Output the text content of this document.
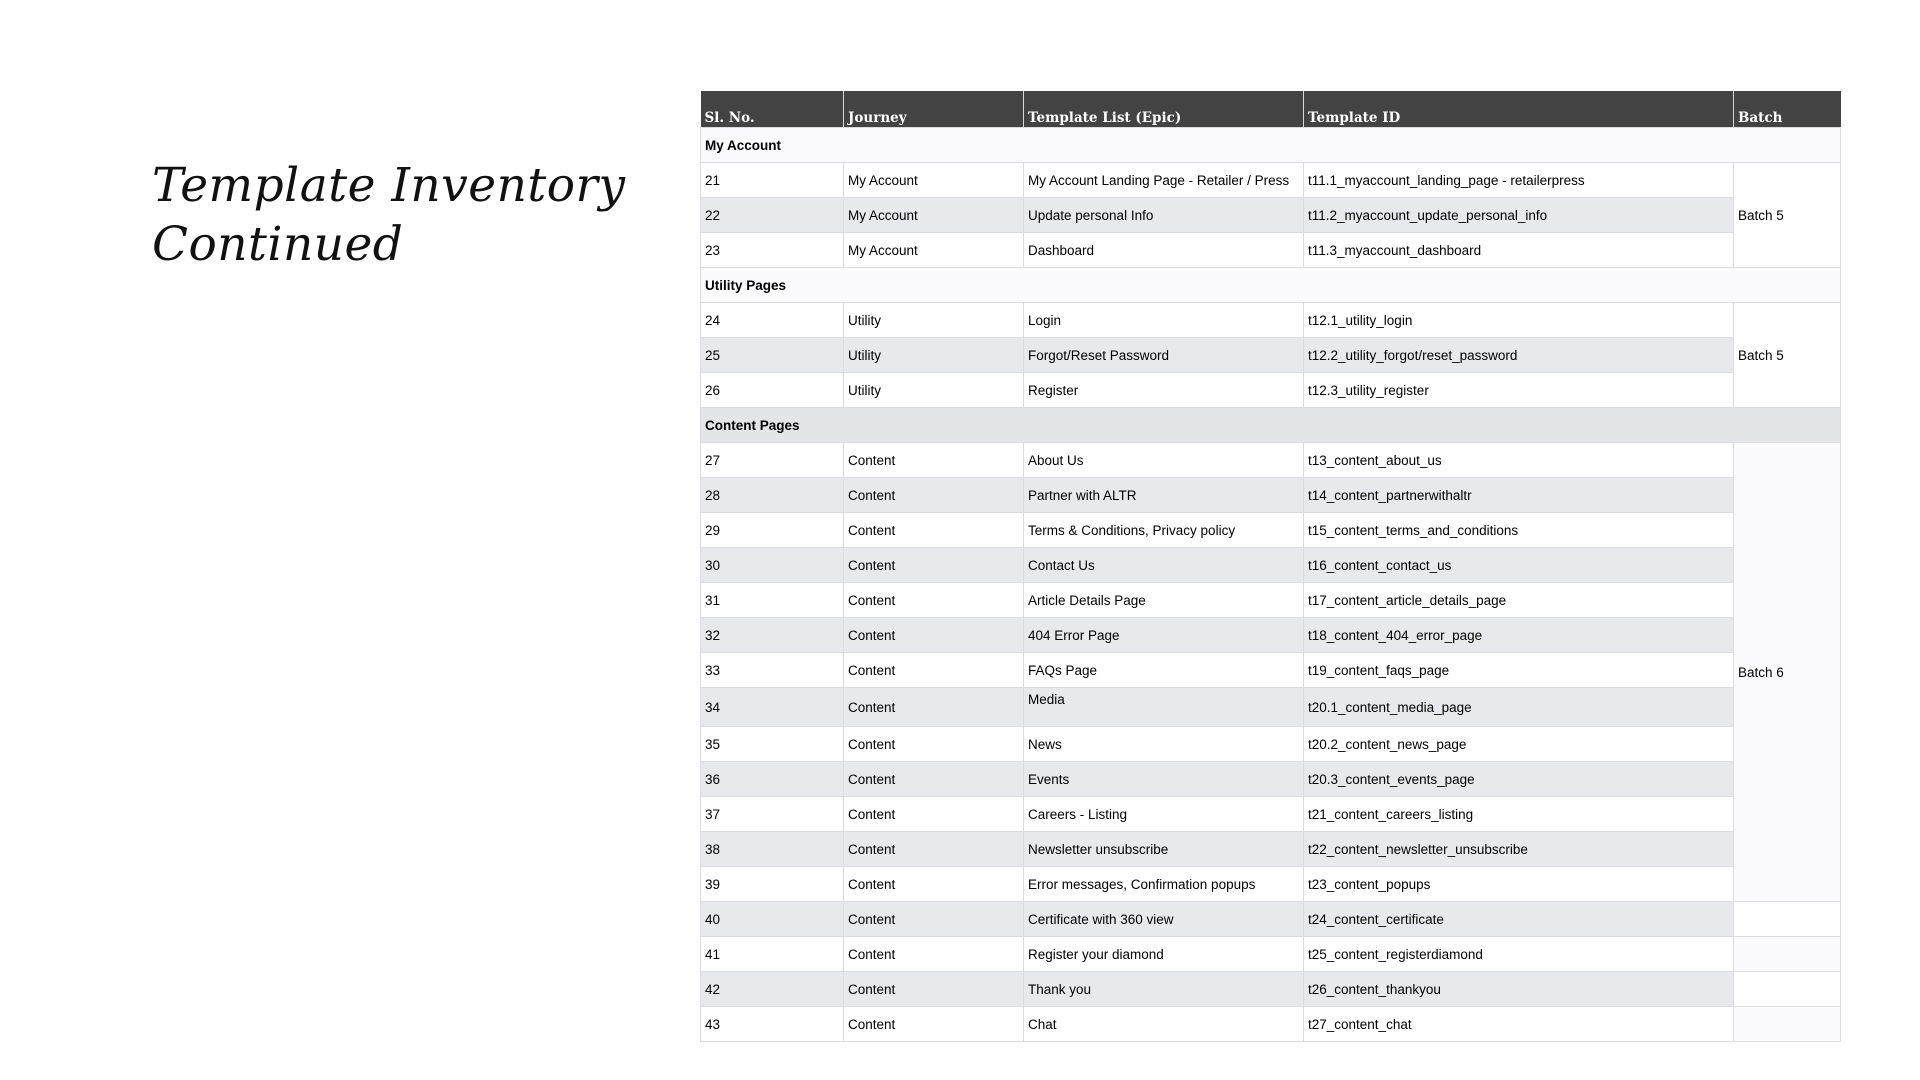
Template Inventory
Continued
Sl. No.	Journey	Template List (Epic)	Template ID	Batch
My Account				
21	My Account	My Account Landing Page - Retailer / Press	t11.1_myaccount_landing_page - retailerpress	Batch 5
22	My Account	Update personal Info	t11.2_myaccount_update_personal_info	
23	My Account	Dashboard	t11.3_myaccount_dashboard	
Utility Pages				
24	Utility	Login	t12.1_utility_login	Batch 5
25	Utility	Forgot/Reset Password	t12.2_utility_forgot/reset_password	
26	Utility	Register	t12.3_utility_register	
Content Pages				
27	Content	About Us	t13_content_about_us	Batch 6
28	Content	Partner with ALTR	t14_content_partnerwithaltr	
29	Content	Terms & Conditions, Privacy policy	t15_content_terms_and_conditions	
30	Content	Contact Us	t16_content_contact_us	
31	Content	Article Details Page	t17_content_article_details_page	
32	Content	404 Error Page	t18_content_404_error_page	
33	Content	FAQs Page	t19_content_faqs_page	
34	Content	Media	t20.1_content_media_page	
35	Content	News	t20.2_content_news_page	
36	Content	Events	t20.3_content_events_page	
37	Content	Careers - Listing	t21_content_careers_listing	
38	Content	Newsletter unsubscribe	t22_content_newsletter_unsubscribe	
39	Content	Error messages, Confirmation popups	t23_content_popups	
40	Content	Certificate with 360 view	t24_content_certificate	
41	Content	Register your diamond	t25_content_registerdiamond	
42	Content	Thank you	t26_content_thankyou	
43	Content	Chat	t27_content_chat	
